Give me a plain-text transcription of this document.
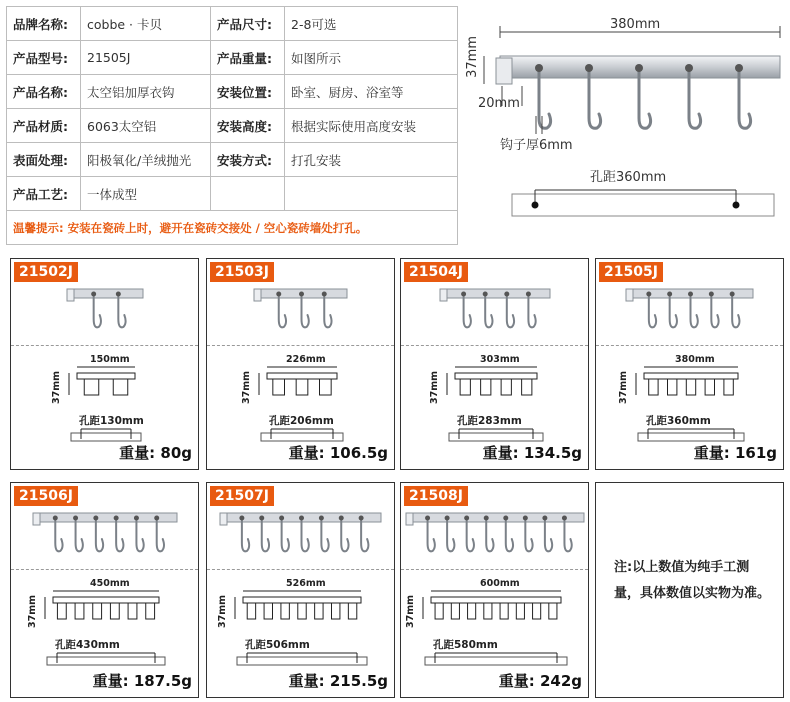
品牌名称:	cobbe · 卡贝	产品尺寸:	2-8可选
产品型号:	21505J	产品重量:	如图所示
产品名称:	太空铝加厚衣钩	安装位置:	卧室、厨房、浴室等
产品材质:	6063太空铝	安装高度:	根据实际使用高度安装
表面处理:	阳极氧化/羊绒抛光	安装方式:	打孔安装
产品工艺:	一体成型		
温馨提示: 安装在瓷砖上时，避开在瓷砖交接处 / 空心瓷砖墙处打孔。			
380mm
37mm
20mm
钩子厚6mm
孔距360mm
21502J
150mm
37mm
孔距130mm
重量: 80g
21503J
226mm
37mm
孔距206mm
重量: 106.5g
21504J
303mm
37mm
孔距283mm
重量: 134.5g
21505J
380mm
37mm
孔距360mm
重量: 161g
21506J
450mm
37mm
孔距430mm
重量: 187.5g
21507J
526mm
37mm
孔距506mm
重量: 215.5g
21508J
600mm
37mm
孔距580mm
重量: 242g

注:以上数值为纯手工测量，具体数值以实物为准。
